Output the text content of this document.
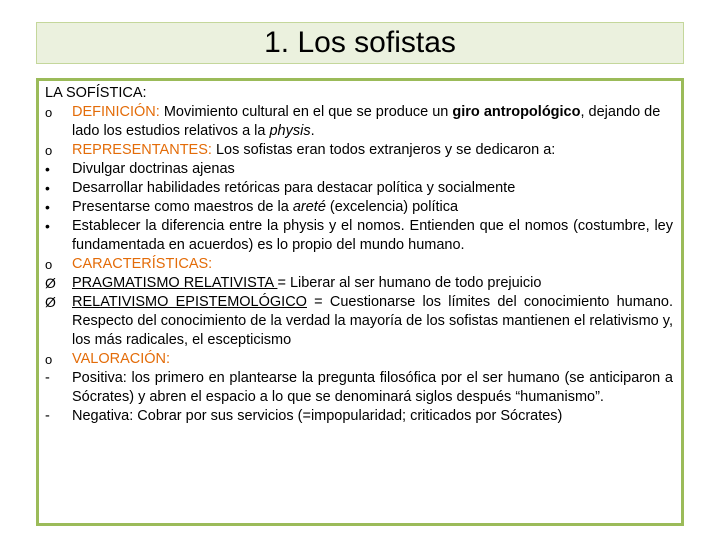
1. Los sofistas
LA SOFÍSTICA:
o	DEFINICIÓN: Movimiento cultural en el que se produce un giro antropológico, dejando de lado los estudios relativos a la physis.
o	REPRESENTANTES: Los sofistas eran todos extranjeros y se dedicaron a:
•	Divulgar doctrinas ajenas
•	Desarrollar habilidades retóricas para destacar política y socialmente
•	Presentarse como maestros de la areté (excelencia) política
•	Establecer la diferencia entre la physis y el nomos. Entienden que el nomos (costumbre, ley fundamentada en acuerdos) es lo propio del mundo humano.
o	CARACTERÍSTICAS:
Ø	PRAGMATISMO RELATIVISTA = Liberar al ser humano de todo prejuicio
Ø	RELATIVISMO EPISTEMOLÓGICO = Cuestionarse los límites del conocimiento humano. Respecto del conocimiento de la verdad la mayoría de los sofistas mantienen el relativismo y, los más radicales, el escepticismo
o	VALORACIÓN:
-	Positiva: los primero en plantearse la pregunta filosófica por el ser humano (se anticiparon a Sócrates) y abren el espacio a lo que se denominará siglos después “humanismo”.
-	Negativa: Cobrar por sus servicios (=impopularidad; criticados por Sócrates)
